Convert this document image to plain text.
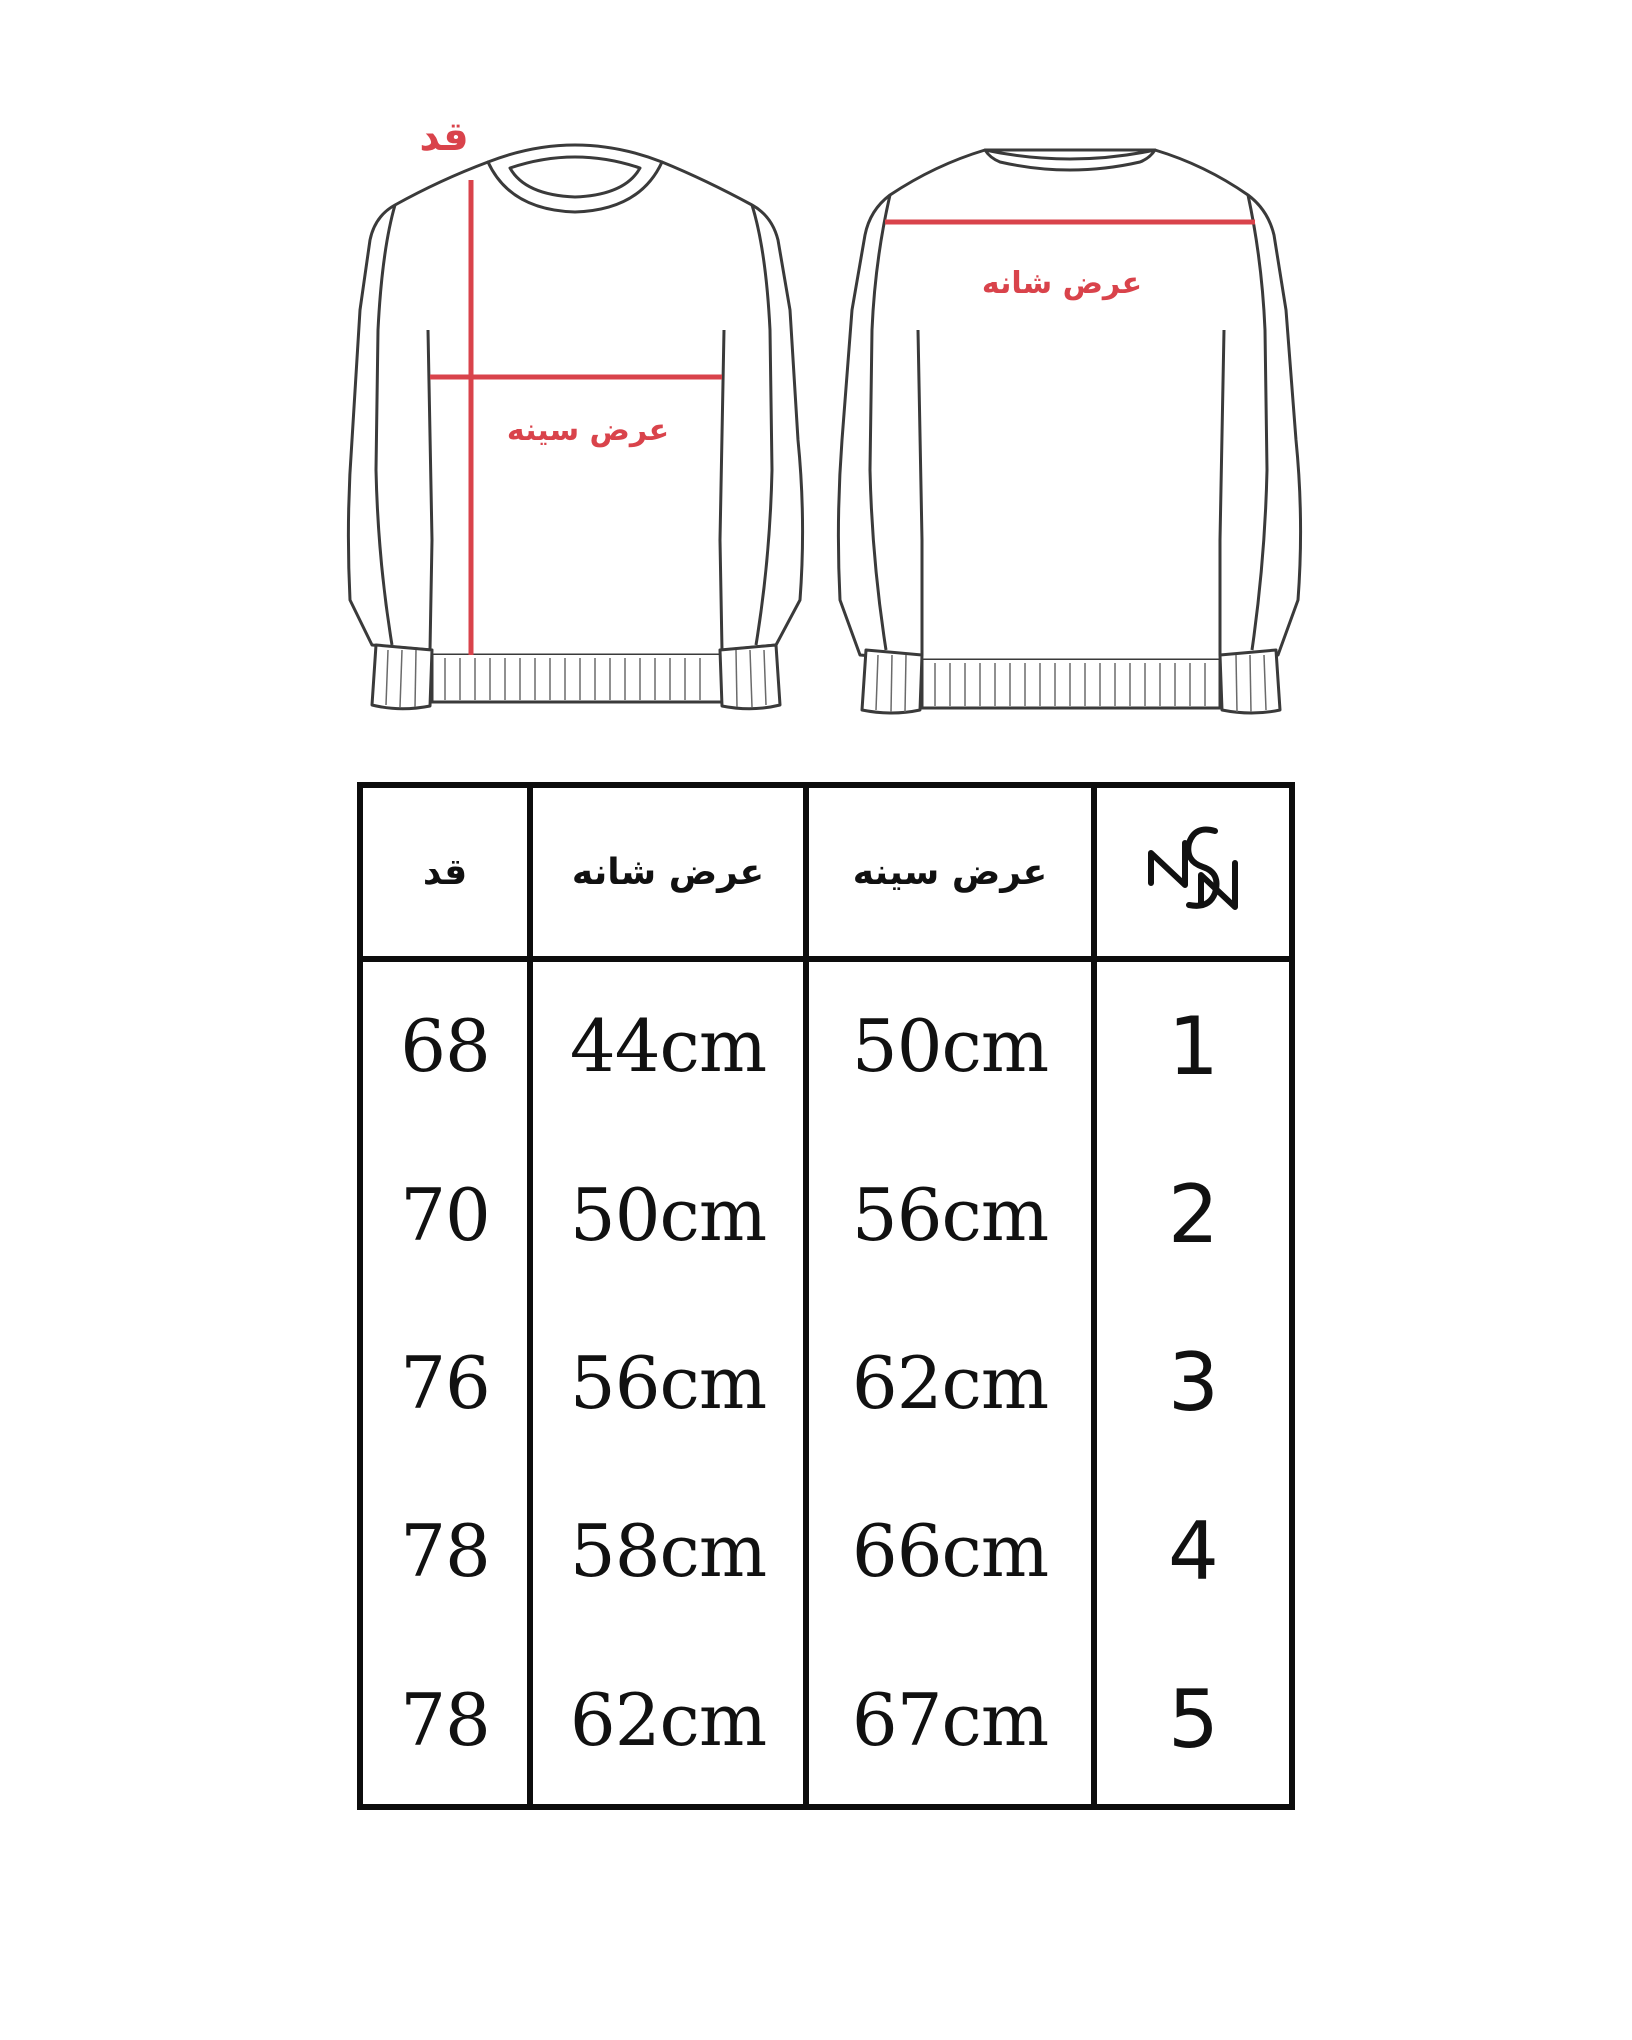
قد
عرض سینه
عرض شانه
قد	عرض شانه	عرض سینه	
68	44cm	50cm	1
70	50cm	56cm	2
76	56cm	62cm	3
78	58cm	66cm	4
78	62cm	67cm	5
